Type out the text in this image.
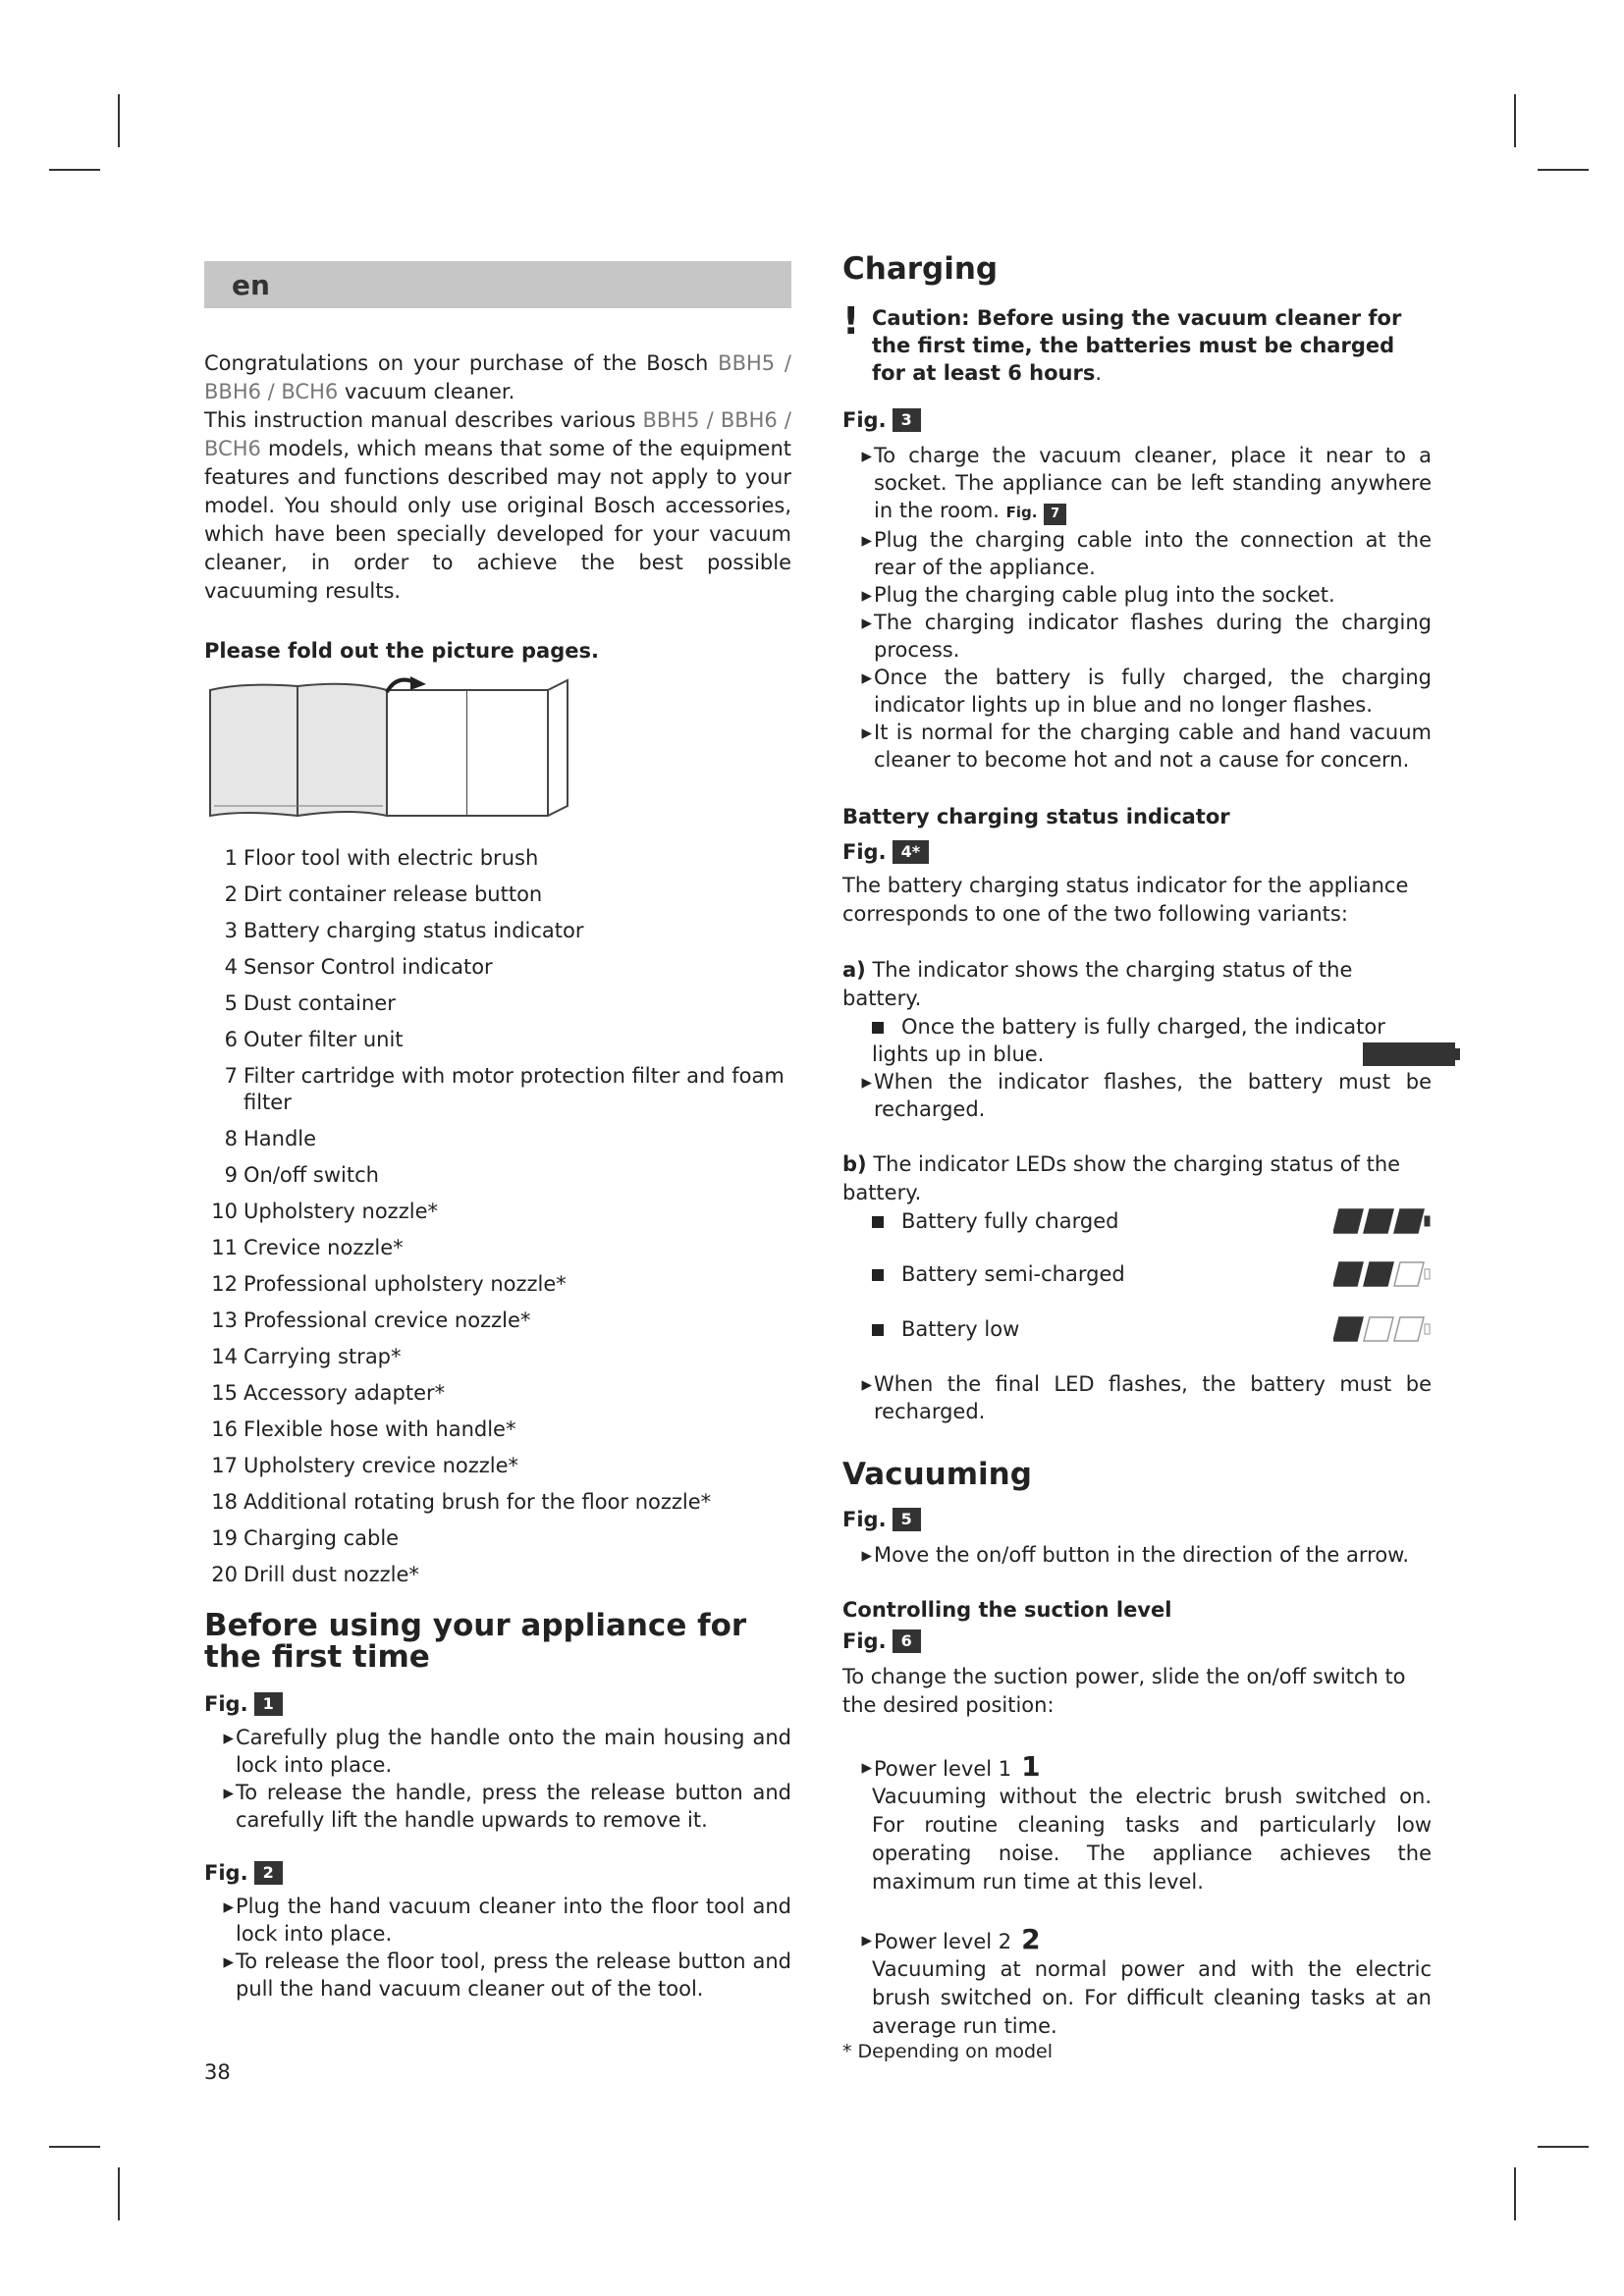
en

Congratulations on your purchase of the Bosch BBH5 / BBH6 / BCH6 vacuum cleaner.

This instruction manual describes various BBH5 / BBH6 / BCH6 models, which means that some of the equipment features and functions described may not apply to your model. You should only use original Bosch accessories, which have been specially developed for your vacuum cleaner, in order to achieve the best possible vacuuming results.

Please fold out the picture pages.
1 Floor tool with electric brush
2 Dirt container release button
3 Battery charging status indicator
4 Sensor Control indicator
5 Dust container
6 Outer filter unit
7 Filter cartridge with motor protection filter and foam filter
8 Handle
9 On/off switch
10 Upholstery nozzle*
11 Crevice nozzle*
12 Professional upholstery nozzle*
13 Professional crevice nozzle*
14 Carrying strap*
15 Accessory adapter*
16 Flexible hose with handle*
17 Upholstery crevice nozzle*
18 Additional rotating brush for the floor nozzle*
19 Charging cable
20 Drill dust nozzle*
Before using your appliance for the first time
Fig. 1
▸ Carefully plug the handle onto the main housing and lock into place.
▸ To release the handle, press the release button and carefully lift the handle upwards to remove it.
Fig. 2
▸ Plug the hand vacuum cleaner into the floor tool and lock into place.
▸ To release the floor tool, press the release button and pull the hand vacuum cleaner out of the tool.
38
Charging
! Caution: Before using the vacuum cleaner for the first time, the batteries must be charged for at least 6 hours.
Fig. 3
▸ To charge the vacuum cleaner, place it near to a socket. The appliance can be left standing anywhere in the room. Fig. 7
▸ Plug the charging cable into the connection at the rear of the appliance.
▸ Plug the charging cable plug into the socket.
▸ The charging indicator flashes during the charging process.
▸ Once the battery is fully charged, the charging indicator lights up in blue and no longer flashes.
▸ It is normal for the charging cable and hand vacuum cleaner to become hot and not a cause for concern.
Battery charging status indicator
Fig. 4*

The battery charging status indicator for the appliance corresponds to one of the two following variants:

a) The indicator shows the charging status of the battery.

Once the battery is fully charged, the indicator lights up in blue.
▸ When the indicator flashes, the battery must be recharged.

b) The indicator LEDs show the charging status of the battery.

Battery fully charged
Battery semi-charged
Battery low
▸ When the final LED flashes, the battery must be recharged.
Vacuuming
Fig. 5
▸ Move the on/off button in the direction of the arrow.
Controlling the suction level
Fig. 6

To change the suction power, slide the on/off switch to the desired position:

▸ Power level 1 1

Vacuuming without the electric brush switched on. For routine cleaning tasks and particularly low operating noise. The appliance achieves the maximum run time at this level.

▸ Power level 2 2

Vacuuming at normal power and with the electric brush switched on. For difficult cleaning tasks at an average run time.

* Depending on model
